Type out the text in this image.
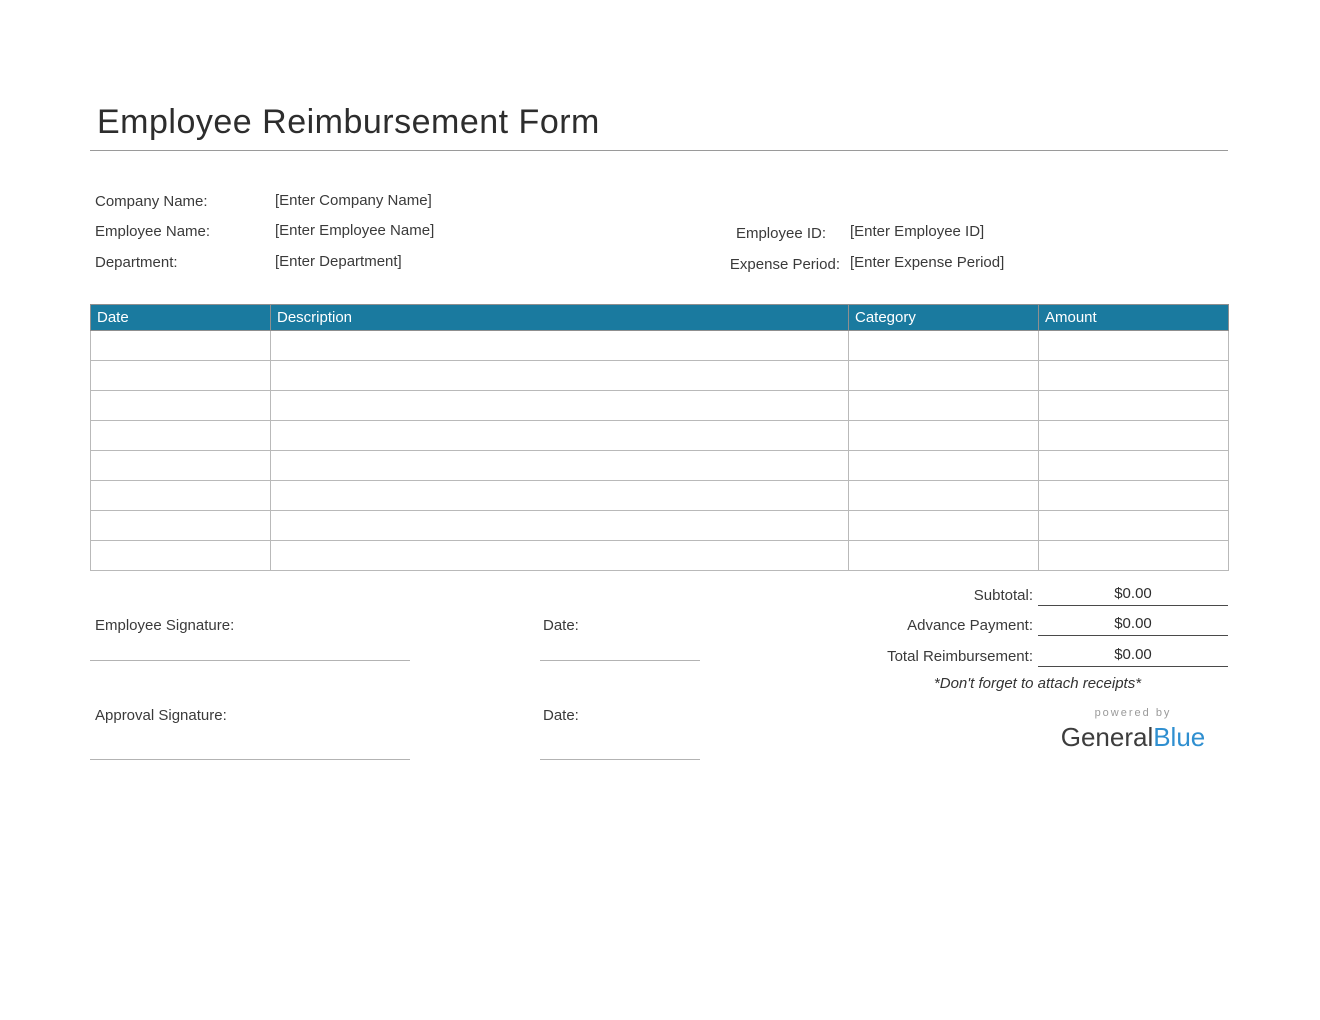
Employee Reimbursement Form
Company Name:	[Enter Company Name]
Employee Name:	[Enter Employee Name]	Employee ID: [Enter Employee ID]
Department:	[Enter Department]	Expense Period: [Enter Expense Period]
Date	Description	Category	Amount

Subtotal:	$0.00
Advance Payment:	$0.00
Total Reimbursement:	$0.00
*Don't forget to attach receipts*
Employee Signature:	Date:
Approval Signature:	Date:	powered by
GeneralBlue
